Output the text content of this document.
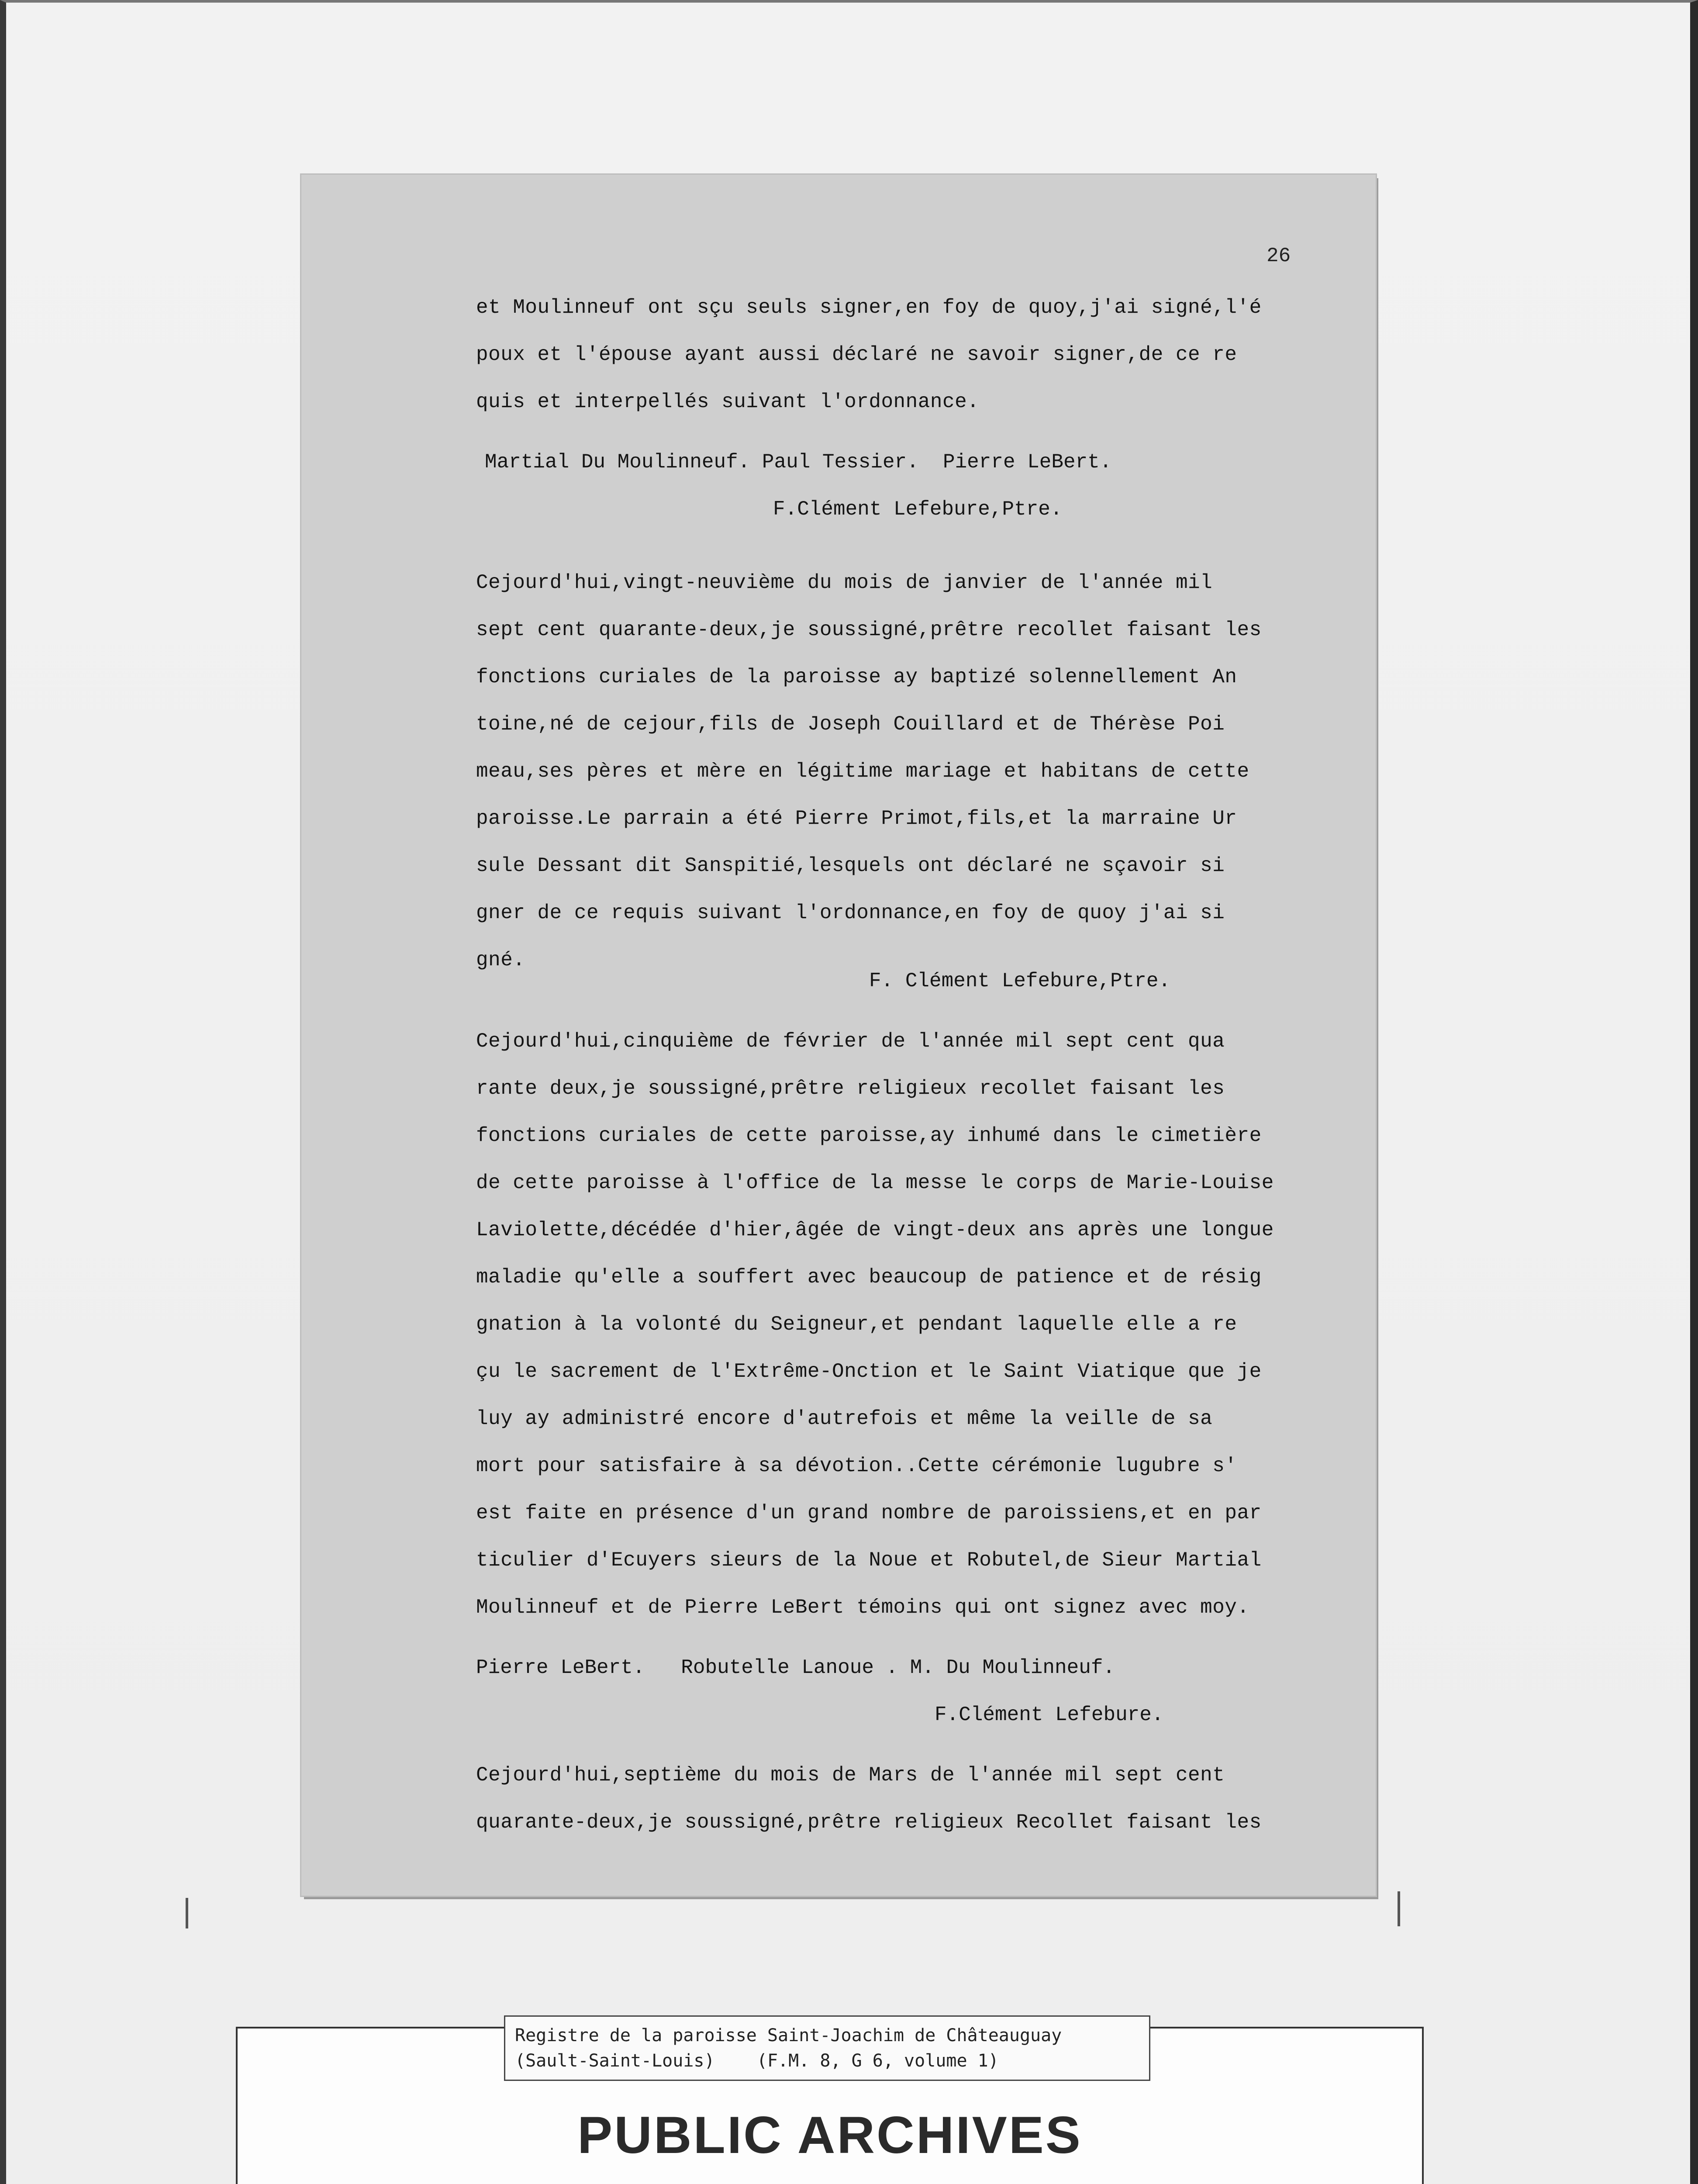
26
et Moulinneuf ont sçu seuls signer,en foy de quoy,j'ai signé,l'é
poux et l'épouse ayant aussi déclaré ne savoir signer,de ce re
quis et interpellés suivant l'ordonnance.
Martial Du Moulinneuf. Paul Tessier.  Pierre LeBert.
F.Clément Lefebure,Ptre.
Cejourd'hui,vingt-neuvième du mois de janvier de l'année mil
sept cent quarante-deux,je soussigné,prêtre recollet faisant les
fonctions curiales de la paroisse ay baptizé solennellement An
toine,né de cejour,fils de Joseph Couillard et de Thérèse Poi
meau,ses pères et mère en légitime mariage et habitans de cette
paroisse.Le parrain a été Pierre Primot,fils,et la marraine Ur
sule Dessant dit Sanspitié,lesquels ont déclaré ne sçavoir si
gner de ce requis suivant l'ordonnance,en foy de quoy j'ai si
gné.
F. Clément Lefebure,Ptre.
Cejourd'hui,cinquième de février de l'année mil sept cent qua
rante deux,je soussigné,prêtre religieux recollet faisant les
fonctions curiales de cette paroisse,ay inhumé dans le cimetière
de cette paroisse à l'office de la messe le corps de Marie-Louise
Laviolette,décédée d'hier,âgée de vingt-deux ans après une longue
maladie qu'elle a souffert avec beaucoup de patience et de résig
gnation à la volonté du Seigneur,et pendant laquelle elle a re
çu le sacrement de l'Extrême-Onction et le Saint Viatique que je
luy ay administré encore d'autrefois et même la veille de sa
mort pour satisfaire à sa dévotion..Cette cérémonie lugubre s'
est faite en présence d'un grand nombre de paroissiens,et en par
ticulier d'Ecuyers sieurs de la Noue et Robutel,de Sieur Martial
Moulinneuf et de Pierre LeBert témoins qui ont signez avec moy.
Pierre LeBert.   Robutelle Lanoue . M. Du Moulinneuf.
F.Clément Lefebure.
Cejourd'hui,septième du mois de Mars de l'année mil sept cent
quarante-deux,je soussigné,prêtre religieux Recollet faisant les
Registre de la paroisse Saint-Joachim de Châteauguay
(Sault-Saint-Louis)    (F.M. 8, G 6, volume 1)
PUBLIC ARCHIVES
